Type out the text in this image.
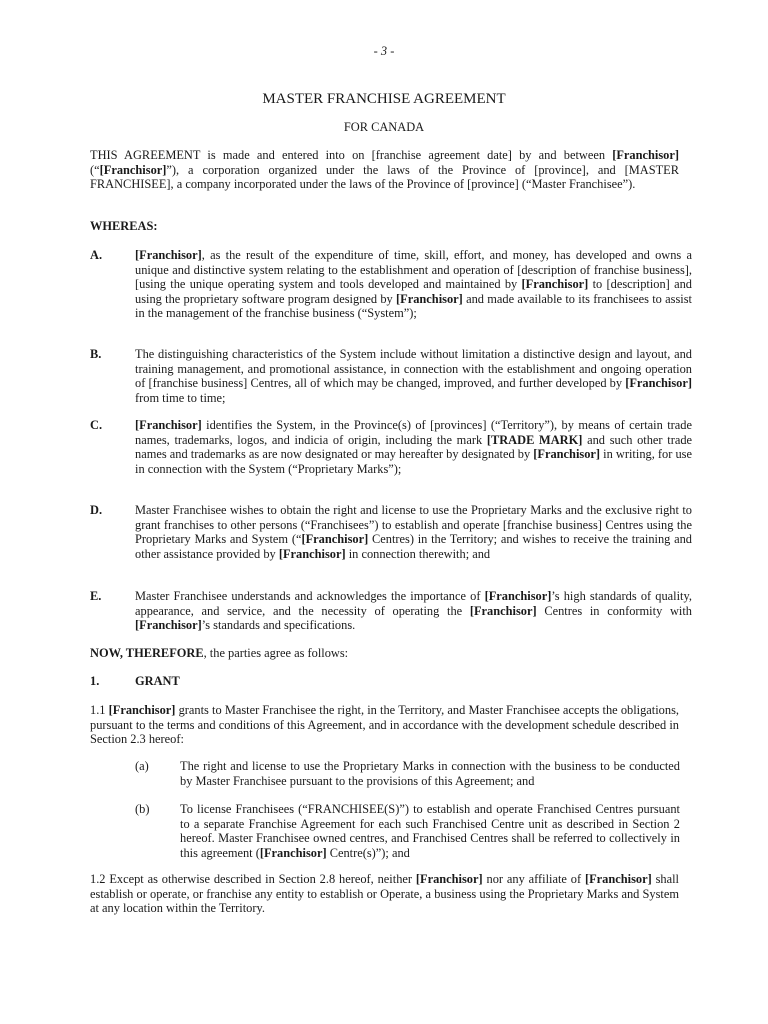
- 3 -
MASTER FRANCHISE AGREEMENT
FOR CANADA
THIS AGREEMENT is made and entered into on [franchise agreement date] by and between [Franchisor] (“[Franchisor]”), a corporation organized under the laws of the Province of [province], and [MASTER FRANCHISEE], a company incorporated under the laws of the Province of [province] (“Master Franchisee”).
WHEREAS:
A.	[Franchisor], as the result of the expenditure of time, skill, effort, and money, has developed and owns a unique and distinctive system relating to the establishment and operation of [description of franchise business], [using the unique operating system and tools developed and maintained by [Franchisor] to [description] and using the proprietary software program designed by [Franchisor] and made available to its franchisees to assist in the management of the franchise business (“System”);
B.	The distinguishing characteristics of the System include without limitation a distinctive design and layout, and training management, and promotional assistance, in connection with the establishment and ongoing operation of [franchise business] Centres, all of which may be changed, improved, and further developed by [Franchisor] from time to time;
C.	[Franchisor] identifies the System, in the Province(s) of [provinces] (“Territory”), by means of certain trade names, trademarks, logos, and indicia of origin, including the mark [TRADE MARK] and such other trade names and trademarks as are now designated or may hereafter by designated by [Franchisor] in writing, for use in connection with the System (“Proprietary Marks”);
D.	Master Franchisee wishes to obtain the right and license to use the Proprietary Marks and the exclusive right to grant franchises to other persons (“Franchisees”) to establish and operate [franchise business] Centres using the Proprietary Marks and System (“[Franchisor] Centres) in the Territory; and wishes to receive the training and other assistance provided by [Franchisor] in connection therewith; and
E.	Master Franchisee understands and acknowledges the importance of [Franchisor]’s high standards of quality, appearance, and service, and the necessity of operating the [Franchisor] Centres in conformity with [Franchisor]’s standards and specifications.
NOW, THEREFORE, the parties agree as follows:
1.	GRANT
1.1 [Franchisor] grants to Master Franchisee the right, in the Territory, and Master Franchisee accepts the obligations, pursuant to the terms and conditions of this Agreement, and in accordance with the development schedule described in Section 2.3 hereof:
(a)	The right and license to use the Proprietary Marks in connection with the business to be conducted by Master Franchisee pursuant to the provisions of this Agreement; and
(b) To license Franchisees (“FRANCHISEE(S)”) to establish and operate Franchised Centres pursuant to a separate Franchise Agreement for each such Franchised Centre unit as described in Section 2 hereof. Master Franchisee owned centres, and Franchised Centres shall be referred to collectively in this agreement ([Franchisor] Centre(s)”); and
1.2 Except as otherwise described in Section 2.8 hereof, neither [Franchisor] nor any affiliate of [Franchisor] shall establish or operate, or franchise any entity to establish or Operate, a business using the Proprietary Marks and System at any location within the Territory.
